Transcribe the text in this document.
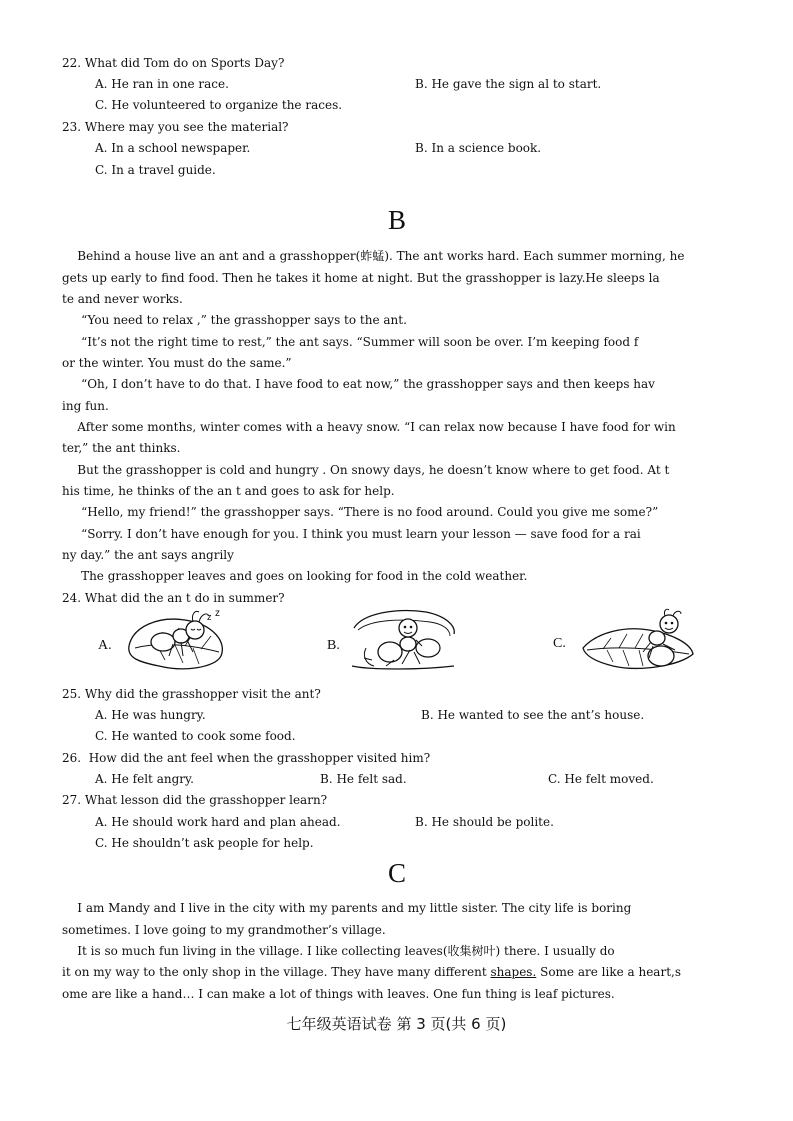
22. What did Tom do on Sports Day?
A. He ran in one race.	B. He gave the sign al to start.
C. He volunteered to organize the races.
23. Where may you see the material?
A. In a school newspaper.	B. In a science book.
C. In a travel guide.
B
Behind a house live an ant and a grasshopper(蚱蜢). The ant works hard. Each summer morning, he
gets up early to find food. Then he takes it home at night. But the grasshopper is lazy.He sleeps la
te and never works.
“You need to relax ,” the grasshopper says to the ant.
“It’s not the right time to rest,” the ant says. “Summer will soon be over. I’m keeping food f
or the winter. You must do the same.”
“Oh, I don’t have to do that. I have food to eat now,” the grasshopper says and then keeps hav
ing fun.
After some months, winter comes with a heavy snow. “I can relax now because I have food for win
ter,” the ant thinks.
But the grasshopper is cold and hungry . On snowy days, he doesn’t know where to get food. At t
his time, he thinks of the an t and goes to ask for help.
“Hello, my friend!” the grasshopper says. “There is no food around. Could you give me some?”
“Sorry. I don’t have enough for you. I think you must learn your lesson — save food for a rai
ny day.” the ant says angrily
The grasshopper leaves and goes on looking for food in the cold weather.
24. What did the an t do in summer?
A.
z z
B.	C.
25. Why did the grasshopper visit the ant?
A. He was hungry.	B. He wanted to see the ant’s house.
C. He wanted to cook some food.
26.  How did the ant feel when the grasshopper visited him?
A. He felt angry.	B. He felt sad.	C. He felt moved.
27. What lesson did the grasshopper learn?
A. He should work hard and plan ahead.	B. He should be polite.
C. He shouldn’t ask people for help.
C
I am Mandy and I live in the city with my parents and my little sister. The city life is boring
sometimes. I love going to my grandmother’s village.
It is so much fun living in the village. I like collecting leaves(收集树叶) there. I usually do
it on my way to the only shop in the village. They have many different shapes. Some are like a heart,s
ome are like a hand… I can make a lot of things with leaves. One fun thing is leaf pictures.
七年级英语试卷 第 3 页(共 6 页)
